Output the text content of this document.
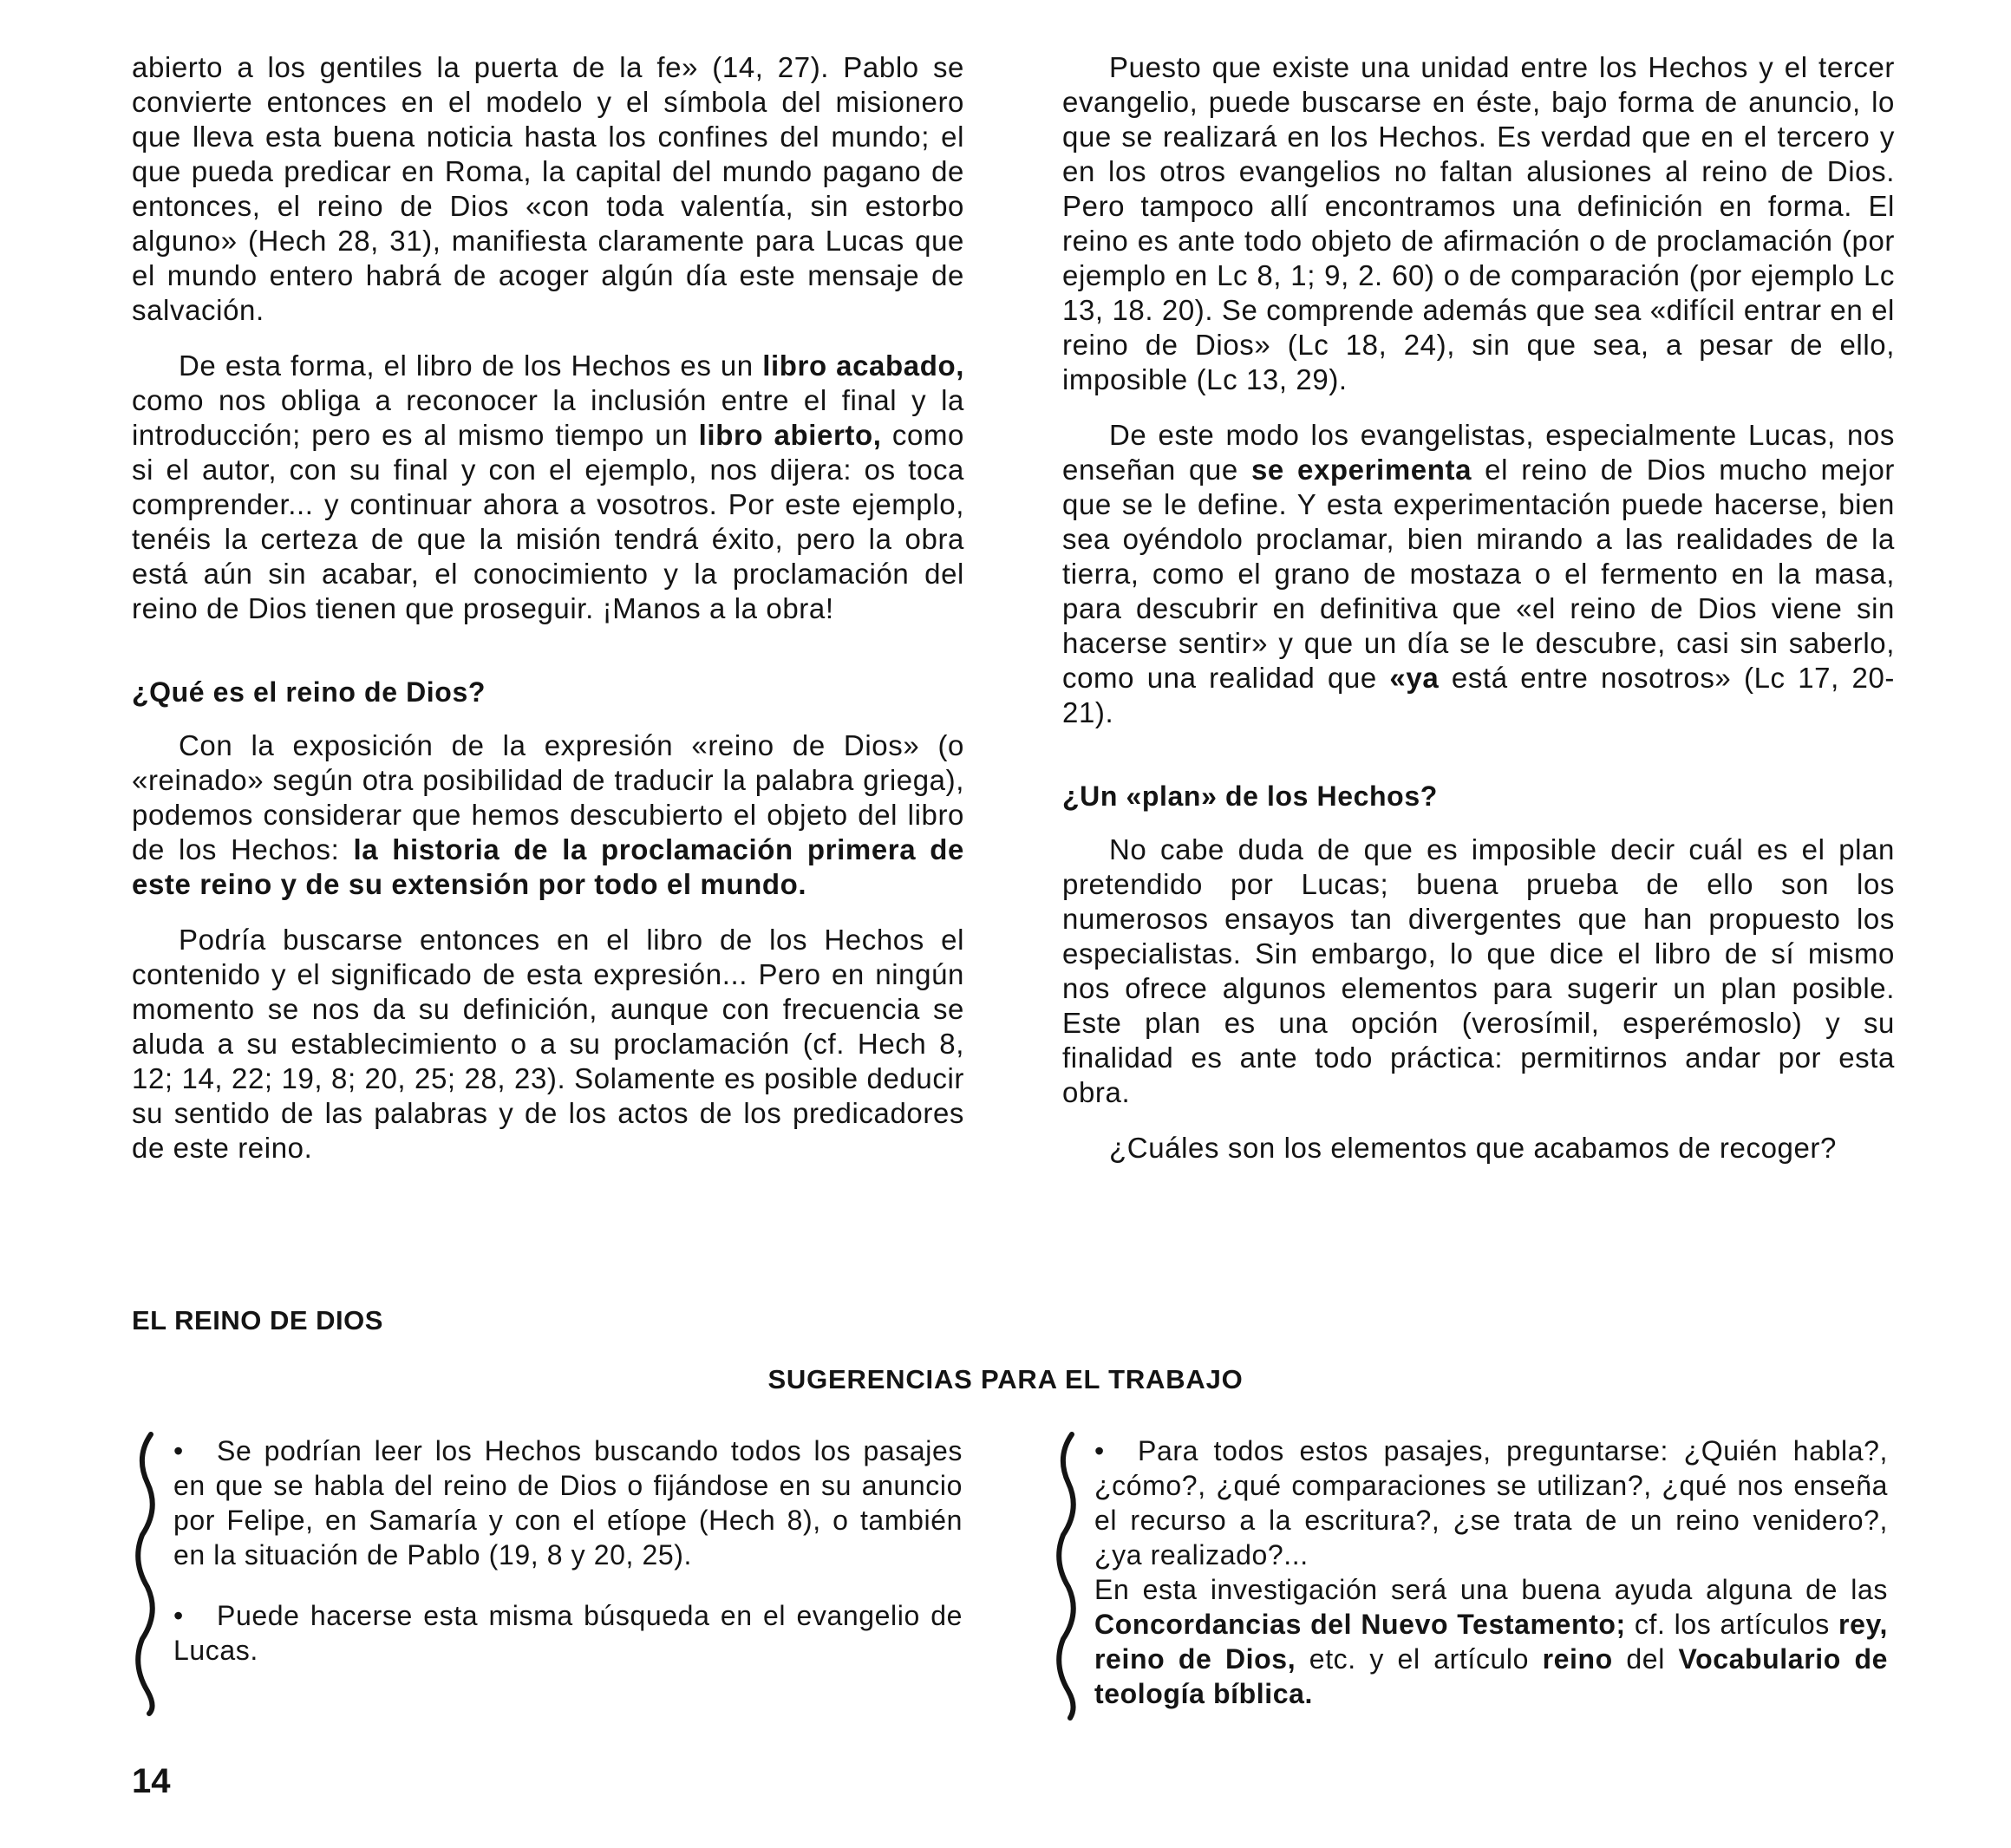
abierto a los gentiles la puerta de la fe» (14, 27). Pablo se convierte entonces en el modelo y el símbola del misionero que lleva esta buena noticia hasta los confines del mundo; el que pueda predicar en Roma, la capital del mundo pagano de entonces, el reino de Dios «con toda valentía, sin estorbo alguno» (Hech 28, 31), manifiesta claramente para Lucas que el mundo entero habrá de acoger algún día este mensaje de salvación.

De esta forma, el libro de los Hechos es un libro acabado, como nos obliga a reconocer la inclusión entre el final y la introducción; pero es al mismo tiempo un libro abierto, como si el autor, con su final y con el ejemplo, nos dijera: os toca comprender... y continuar ahora a vosotros. Por este ejemplo, tenéis la certeza de que la misión tendrá éxito, pero la obra está aún sin acabar, el conocimiento y la proclamación del reino de Dios tienen que proseguir. ¡Manos a la obra!

¿Qué es el reino de Dios?

Con la exposición de la expresión «reino de Dios» (o «reinado» según otra posibilidad de traducir la palabra griega), podemos considerar que hemos descubierto el objeto del libro de los Hechos: la historia de la proclamación primera de este reino y de su extensión por todo el mundo.

Podría buscarse entonces en el libro de los Hechos el contenido y el significado de esta expresión... Pero en ningún momento se nos da su definición, aunque con frecuencia se aluda a su establecimiento o a su proclamación (cf. Hech 8, 12; 14, 22; 19, 8; 20, 25; 28, 23). Solamente es posible deducir su sentido de las palabras y de los actos de los predicadores de este reino.

Puesto que existe una unidad entre los Hechos y el tercer evangelio, puede buscarse en éste, bajo forma de anuncio, lo que se realizará en los Hechos. Es verdad que en el tercero y en los otros evangelios no faltan alusiones al reino de Dios. Pero tampoco allí encontramos una definición en forma. El reino es ante todo objeto de afirmación o de proclamación (por ejemplo en Lc 8, 1; 9, 2. 60) o de comparación (por ejemplo Lc 13, 18. 20). Se comprende además que sea «difícil entrar en el reino de Dios» (Lc 18, 24), sin que sea, a pesar de ello, imposible (Lc 13, 29).

De este modo los evangelistas, especialmente Lucas, nos enseñan que se experimenta el reino de Dios mucho mejor que se le define. Y esta experimentación puede hacerse, bien sea oyéndolo proclamar, bien mirando a las realidades de la tierra, como el grano de mostaza o el fermento en la masa, para descubrir en definitiva que «el reino de Dios viene sin hacerse sentir» y que un día se le descubre, casi sin saberlo, como una realidad que «ya está entre nosotros» (Lc 17, 20-21).

¿Un «plan» de los Hechos?

No cabe duda de que es imposible decir cuál es el plan pretendido por Lucas; buena prueba de ello son los numerosos ensayos tan divergentes que han propuesto los especialistas. Sin embargo, lo que dice el libro de sí mismo nos ofrece algunos elementos para sugerir un plan posible. Este plan es una opción (verosímil, esperémoslo) y su finalidad es ante todo práctica: permitirnos andar por esta obra.

¿Cuáles son los elementos que acabamos de recoger?

EL REINO DE DIOS
SUGERENCIAS PARA EL TRABAJO

• Se podrían leer los Hechos buscando todos los pasajes en que se habla del reino de Dios o fijándose en su anuncio por Felipe, en Samaría y con el etíope (Hech 8), o también en la situación de Pablo (19, 8 y 20, 25).

• Puede hacerse esta misma búsqueda en el evangelio de Lucas.

• Para todos estos pasajes, preguntarse: ¿Quién habla?, ¿cómo?, ¿qué comparaciones se utilizan?, ¿qué nos enseña el recurso a la escritura?, ¿se trata de un reino venidero?, ¿ya realizado?...

En esta investigación será una buena ayuda alguna de las Concordancias del Nuevo Testamento; cf. los artículos rey, reino de Dios, etc. y el artículo reino del Vocabulario de teología bíblica.

14
